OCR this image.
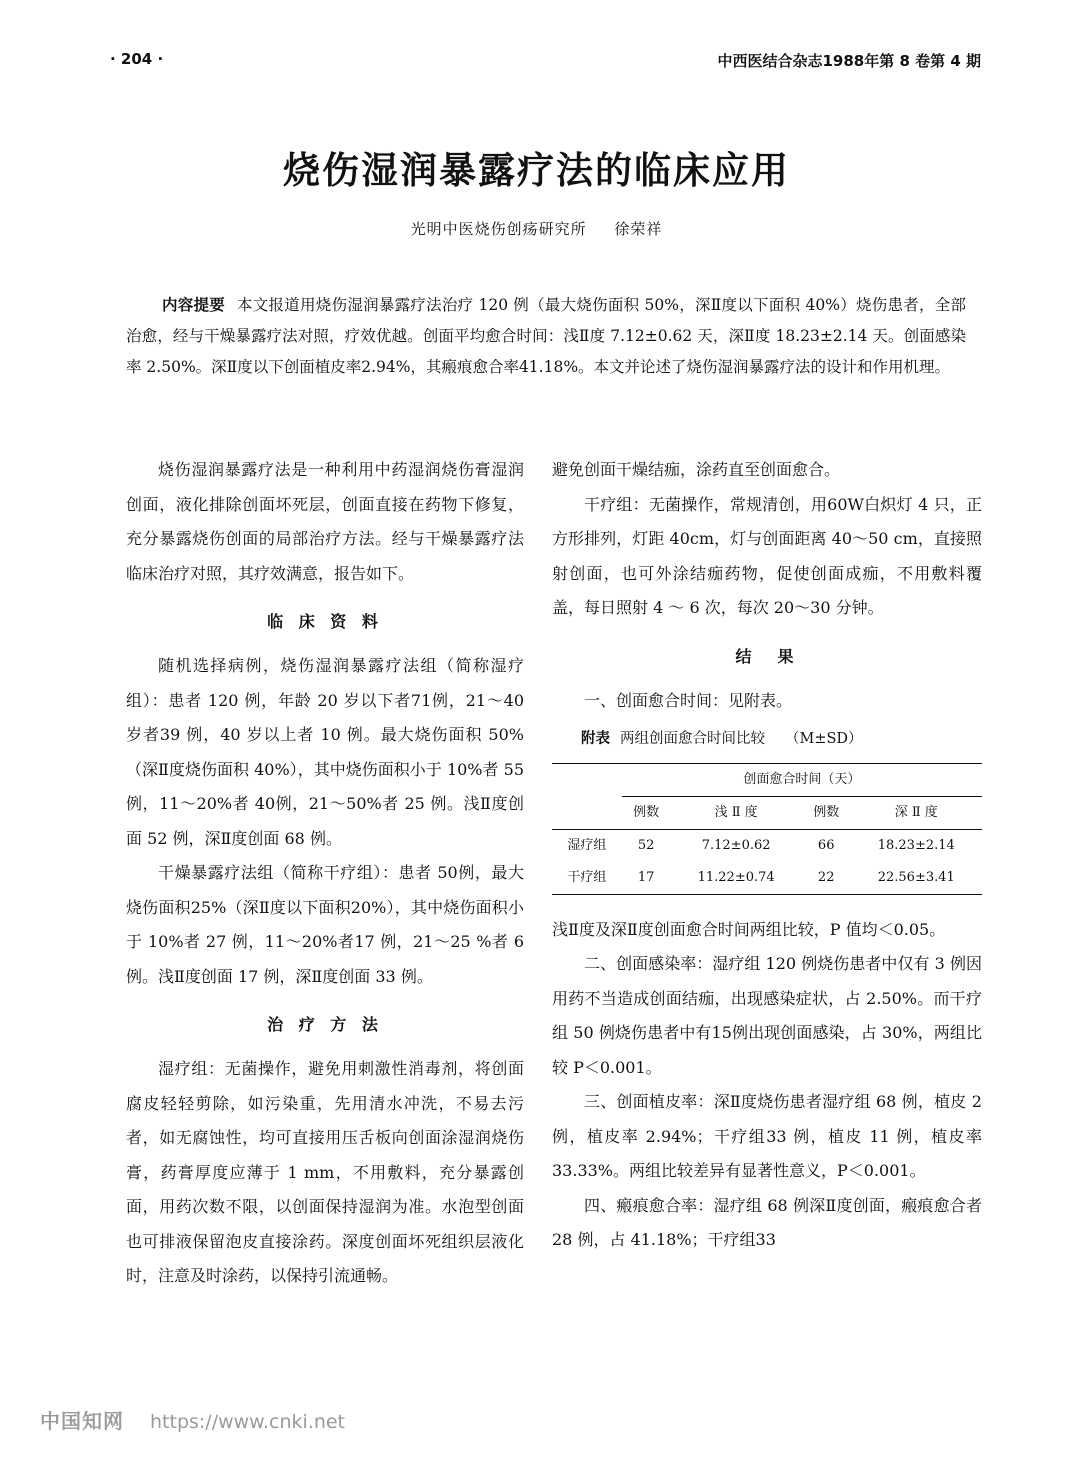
· 204 ·	中西医结合杂志1988年第 8 卷第 4 期
烧伤湿润暴露疗法的临床应用
光明中医烧伤创疡研究所 徐荣祥
内容提要 本文报道用烧伤湿润暴露疗法治疗 120 例（最大烧伤面积 50%，深Ⅱ度以下面积 40%）烧伤患者，全部治愈，经与干燥暴露疗法对照，疗效优越。创面平均愈合时间：浅Ⅱ度 7.12±0.62 天，深Ⅱ度 18.23±2.14 天。创面感染率 2.50%。深Ⅱ度以下创面植皮率2.94%，其瘢痕愈合率41.18%。本文并论述了烧伤湿润暴露疗法的设计和作用机理。

烧伤湿润暴露疗法是一种利用中药湿润烧伤膏湿润创面，液化排除创面坏死层，创面直接在药物下修复，充分暴露烧伤创面的局部治疗方法。经与干燥暴露疗法临床治疗对照，其疗效满意，报告如下。

临 床 资 料

随机选择病例，烧伤湿润暴露疗法组（简称湿疗组）：患者 120 例，年龄 20 岁以下者71例，21～40 岁者39 例，40 岁以上者 10 例。最大烧伤面积 50%（深Ⅱ度烧伤面积 40%），其中烧伤面积小于 10%者 55 例，11～20%者 40例，21～50%者 25 例。浅Ⅱ度创面 52 例，深Ⅱ度创面 68 例。

干燥暴露疗法组（简称干疗组）：患者 50例，最大烧伤面积25%（深Ⅱ度以下面积20%），其中烧伤面积小于 10%者 27 例，11～20%者17 例，21～25 %者 6 例。浅Ⅱ度创面 17 例，深Ⅱ度创面 33 例。

治 疗 方 法

湿疗组：无菌操作，避免用刺激性消毒剂，将创面腐皮轻轻剪除，如污染重，先用清水冲洗，不易去污者，如无腐蚀性，均可直接用压舌板向创面涂湿润烧伤膏，药膏厚度应薄于 1 mm，不用敷料，充分暴露创面，用药次数不限，以创面保持湿润为准。水泡型创面也可排液保留泡皮直接涂药。深度创面坏死组织层液化时，注意及时涂药，以保持引流通畅。

避免创面干燥结痂，涂药直至创面愈合。

干疗组：无菌操作，常规清创，用60W白炽灯 4 只，正方形排列，灯距 40cm，灯与创面距离 40～50 cm，直接照射创面，也可外涂结痂药物，促使创面成痂，不用敷料覆盖，每日照射 4 ～ 6 次，每次 20～30 分钟。

结　果

一、创面愈合时间：见附表。

附表 两组创面愈合时间比较 （M±SD）
	创面愈合时间（天）			
	例数	浅 Ⅱ 度	例数	深 Ⅱ 度
湿疗组	52	7.12±0.62	66	18.23±2.14
干疗组	17	11.22±0.74	22	22.56±3.41

浅Ⅱ度及深Ⅱ度创面愈合时间两组比较，P 值均＜0.05。

二、创面感染率：湿疗组 120 例烧伤患者中仅有 3 例因用药不当造成创面结痂，出现感染症状，占 2.50%。而干疗组 50 例烧伤患者中有15例出现创面感染，占 30%，两组比较 P＜0.001。

三、创面植皮率：深Ⅱ度烧伤患者湿疗组 68 例，植皮 2 例，植皮率 2.94%；干疗组33 例，植皮 11 例，植皮率 33.33%。两组比较差异有显著性意义，P＜0.001。

四、瘢痕愈合率：湿疗组 68 例深Ⅱ度创面，瘢痕愈合者 28 例，占 41.18%；干疗组33

中国知网 https://www.cnki.net
